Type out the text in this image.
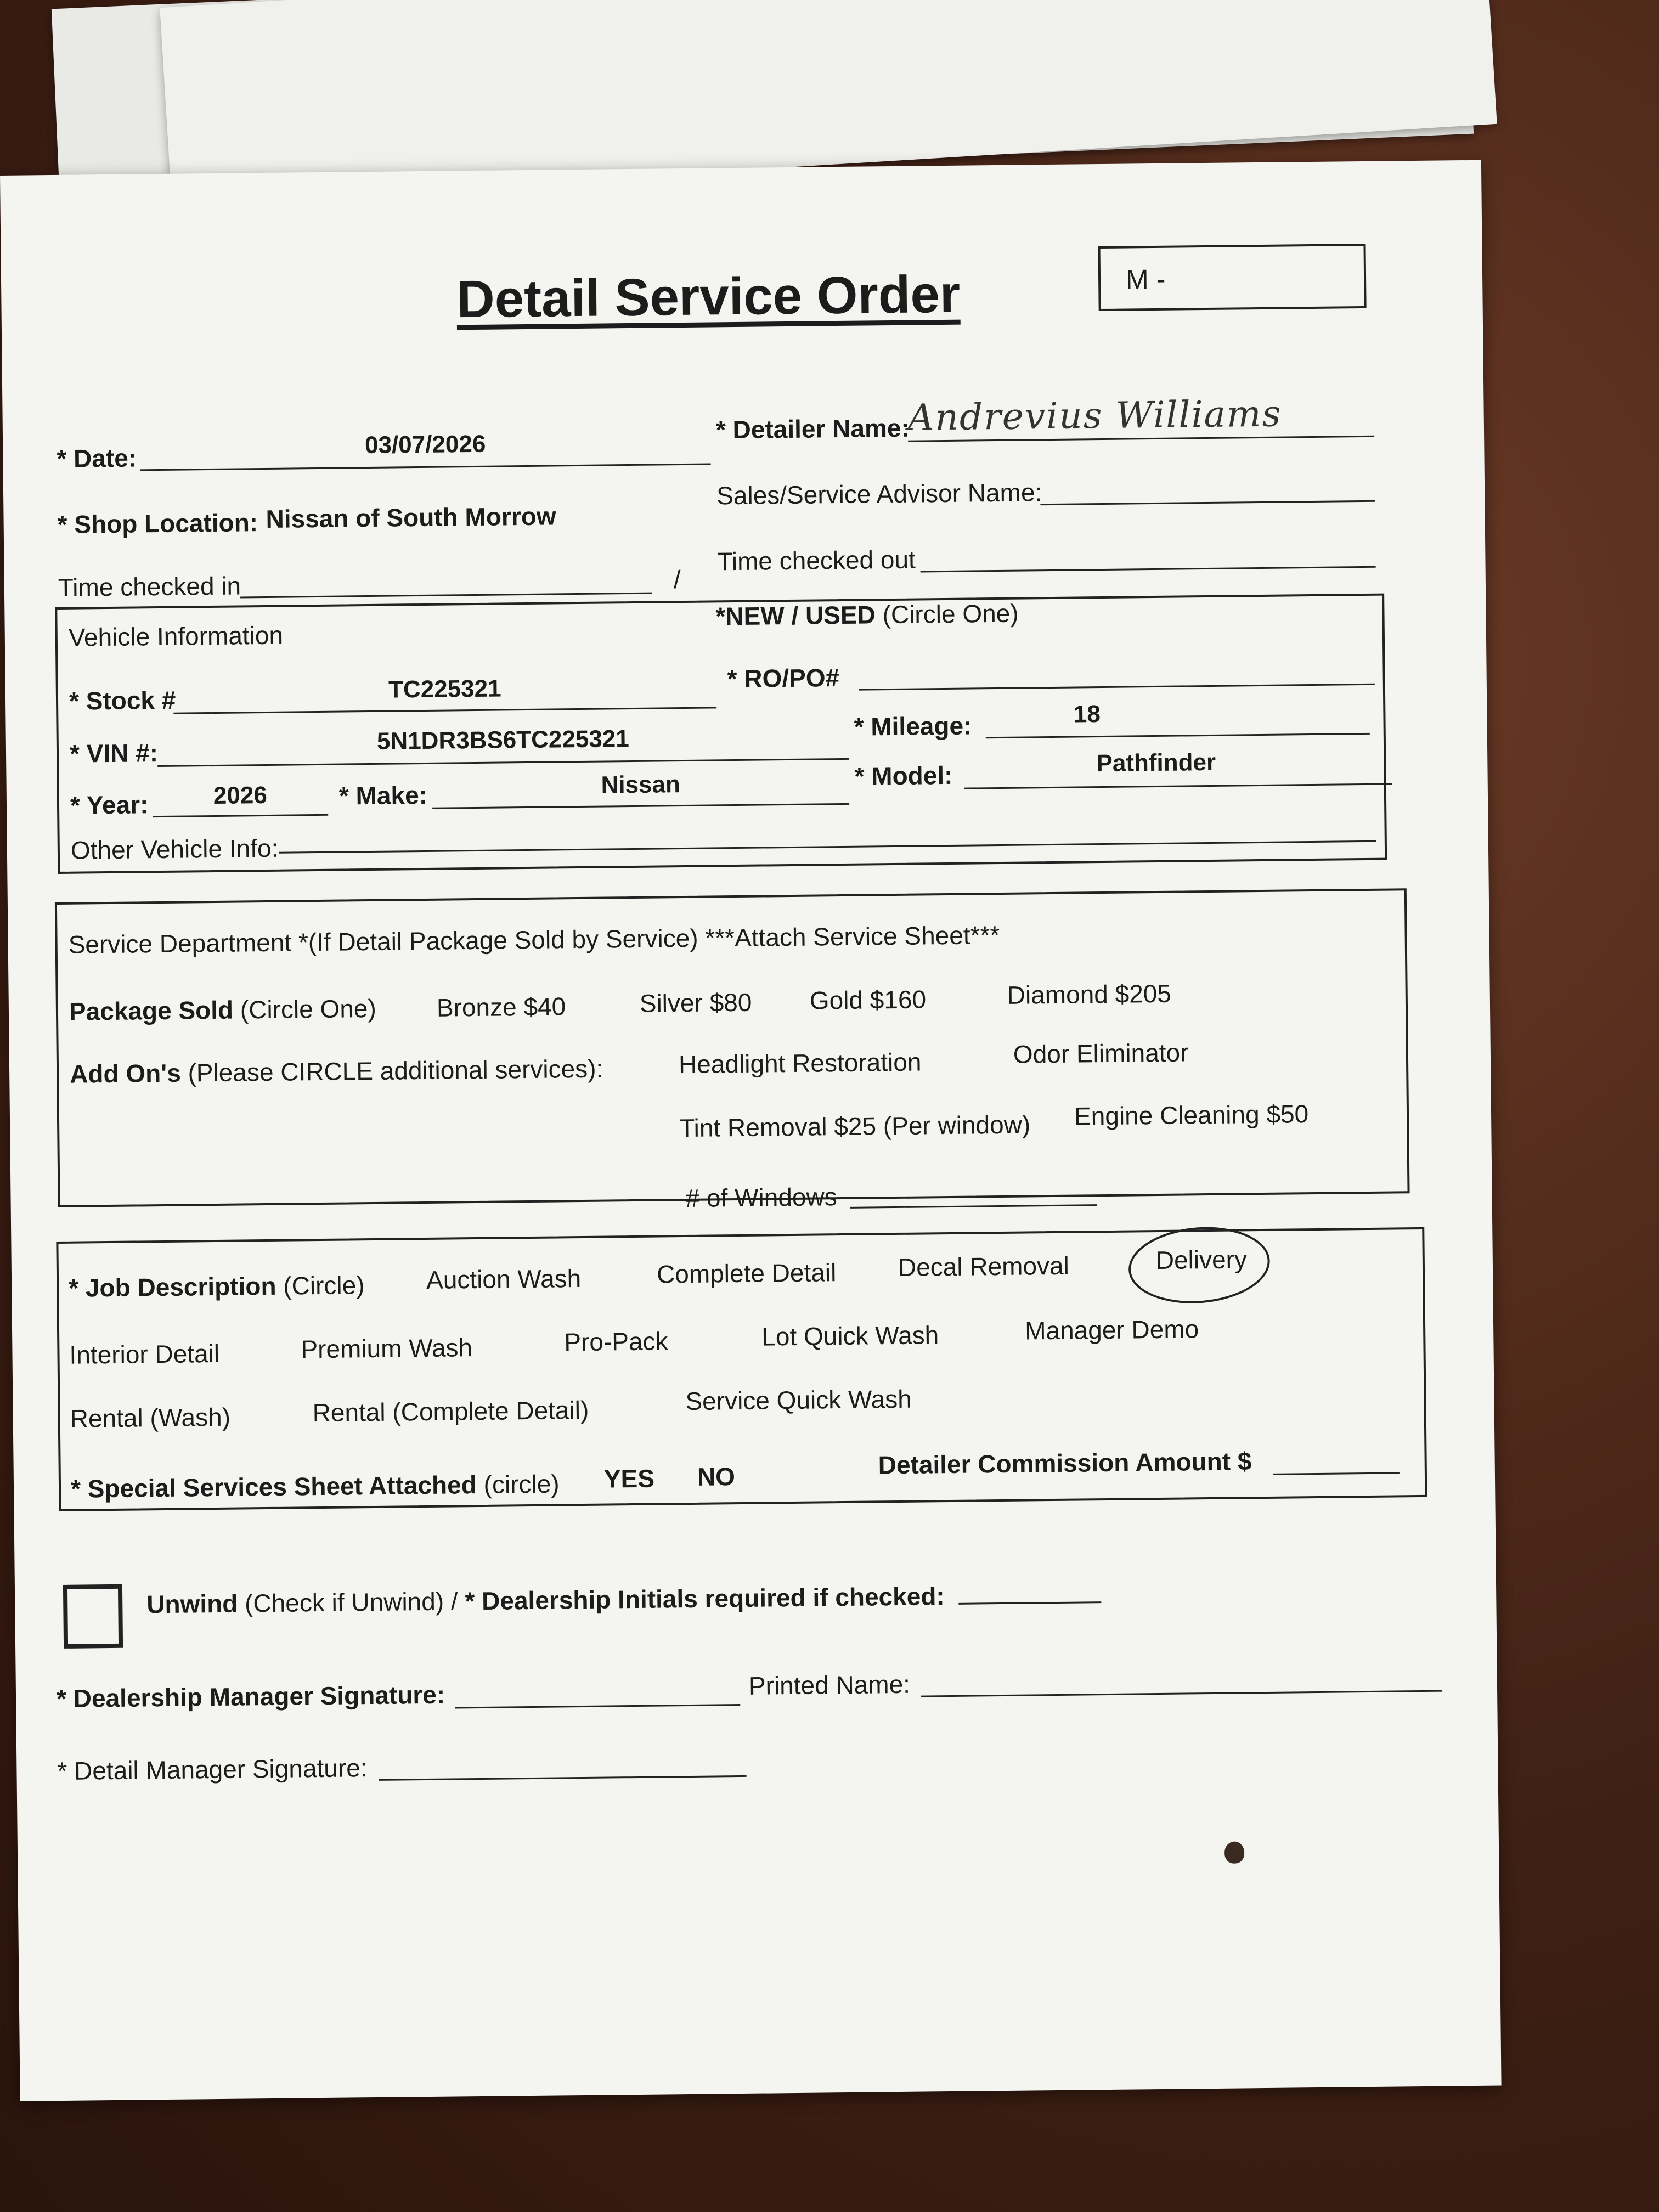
Detail Service Order	M -
* Date:	03/07/2026
* Detailer Name:
Andrevius Williams
* Shop Location: Nissan of South Morrow
Sales/Service Advisor Name:
Time checked in	/
Time checked out
Vehicle Information
*NEW / USED (Circle One)
* Stock #	TC225321	* RO/PO#
* VIN #:	5N1DR3BS6TC225321	* Mileage:	18
* Year:	2026	* Make:	Nissan	* Model:	Pathfinder
Other Vehicle Info:
Service Department *(If Detail Package Sold by Service) ***Attach Service Sheet***
Package Sold (Circle One) Bronze $40	Silver $80 Gold $160	Diamond $205
Add On's (Please CIRCLE additional services):	Headlight Restoration	Odor Eliminator
Tint Removal $25 (Per window) Engine Cleaning $50
# of Windows
* Job Description (Circle) Auction Wash	Complete Detail Decal Removal	Delivery
Interior Detail	Premium Wash	Pro-Pack	Lot Quick Wash	Manager Demo
Rental (Wash)	Rental (Complete Detail)	Service Quick Wash
* Special Services Sheet Attached (circle) YES NO	Detailer Commission Amount $
Unwind (Check if Unwind) / * Dealership Initials required if checked:
* Dealership Manager Signature:	Printed Name:
* Detail Manager Signature:
